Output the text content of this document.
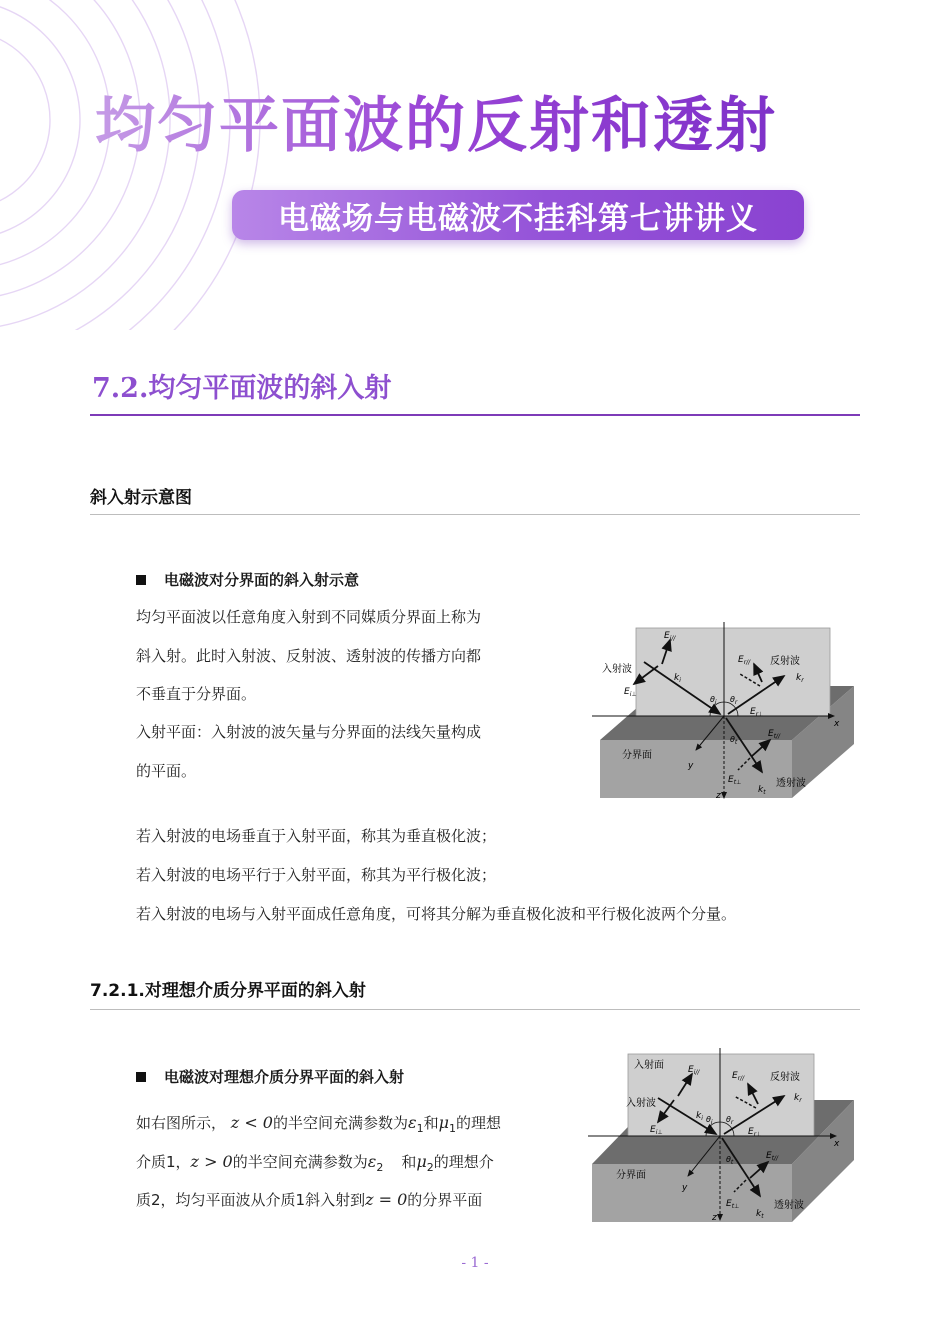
均匀平面波的反射和透射[2]
电磁场与电磁波不挂科第七讲讲义
7.2.均匀平面波的斜入射
斜入射示意图
电磁波对分界面的斜入射示意
均匀平面波以任意角度入射到不同媒质分界面上称为
斜入射。此时入射波、反射波、透射波的传播方向都
不垂直于分界面。
入射平面：入射波的波矢量与分界面的法线矢量构成
的平面。
若入射波的电场垂直于入射平面，称其为垂直极化波；
若入射波的电场平行于入射平面，称其为平行极化波；
若入射波的电场与入射平面成任意角度，可将其分解为垂直极化波和平行极化波两个分量。
入射波
反射波
透射波
分界面
x
y
z
$E_{i//}$
$k_i$
$E_{i\perp}$
$E_{r//}$
$k_r$
$E_{r\perp}$
$E_{t//}$
$E_{t\perp}$
$k_t$
$\theta_i$ $\theta_r$
$\theta_t$
7.2.1.对理想介质分界平面的斜入射
电磁波对理想介质分界平面的斜入射
如右图所示， z < 0的半空间充满参数为$\varepsilon_1$和$\mu_1$的理想
介质1，z > 0的半空间充满参数为$\varepsilon_2$ 和$\mu_2$的理想介
质2，均匀平面波从介质1斜入射到z = 0的分界平面
入射面
入射波
反射波
透射波
分界面
x
y
z
$E_{i//}$
$k_i$
$E_{i\perp}$
$E_{r//}$
$k_r$
$E_{r\perp}$
$E_{t//}$
$E_{t\perp}$
$k_t$
$\theta_i$ $\theta_r$
$\theta_t$
- 1 -
